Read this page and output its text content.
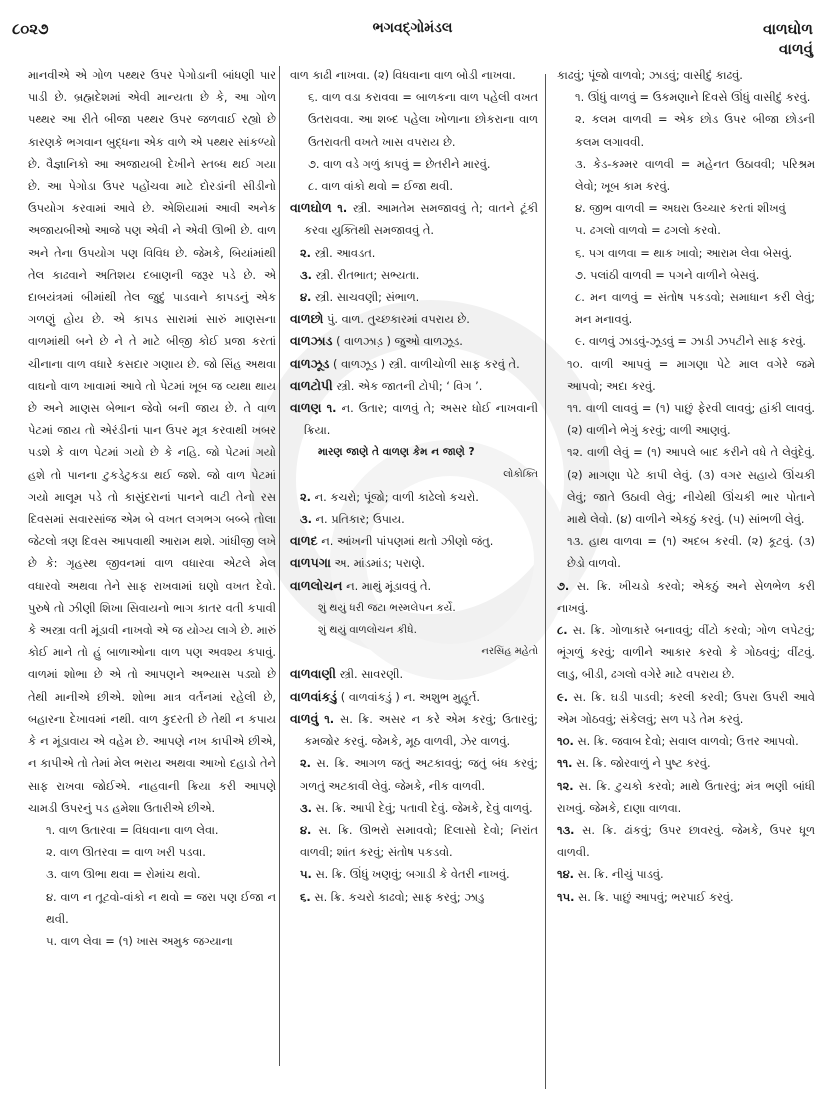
૮૦૨૭	ભગવદ્ગોમંડલ	વાળઘોળ
વાળવું

માનવીએ એ ગોળ પથ્થર ઉપર પેગોડાની બાંધણી પાર પાડી છે. બ્રહ્મદેશમાં એવી માન્યતા છે કે, આ ગોળ પથ્થર આ રીતે બીજા પથ્થર ઉપર જળવાઈ રહ્યો છે કારણકે ભગવાન બુદ્ધના એક વાળે એ પથ્થર સાંકળ્યો છે. વૈજ્ઞાનિકો આ અજાયબી દેખીને સ્તબ્ધ થઈ ગયા છે. આ પેગોડા ઉપર પહોંચવા માટે દોરડાંની સીડીનો ઉપયોગ કરવામાં આવે છે. એશિયામાં આવી અનેક અજાયબીઓ આજે પણ એવી ને એવી ઊભી છે. વાળ અને તેના ઉપયોગ પણ વિવિધ છે. જેમકે, બિયાંમાંથી તેલ કાઢવાને અતિશય દબાણની જરૂર પડે છે. એ દાબયંત્રમાં બીમાંથી તેલ જુદું પાડવાને કાપડનું એક ગળણું હોય છે. એ કાપડ સારામાં સારું માણસના વાળમાંથી બને છે ને તે માટે બીજી કોઈ પ્રજા કરતાં ચીનાના વાળ વધારે કસદાર ગણાય છે. જો સિંહ અથવા વાઘનો વાળ ખાવામાં આવે તો પેટમાં ખૂબ જ વ્યથા થાય છે અને માણસ બેભાન જેવો બની જાય છે. તે વાળ પેટમાં જાય તો એરંડીનાં પાન ઉપર મૂત્ર કરવાથી ખબર પડશે કે વાળ પેટમાં ગયો છે કે નહિ. જો પેટમાં ગયો હશે તો પાનના ટુકડેટુકડા થઈ જશે. જો વાળ પેટમાં ગયો માલૂમ પડે તો કાસુંદરાનાં પાનને વાટી તેનો રસ દિવસમાં સવારસાંજ એમ બે વખત લગભગ બબ્બે તોલા જેટલો ત્રણ દિવસ આપવાથી આરામ થશે. ગાંધીજી લખે છે કે: ગૃહસ્થ જીવનમાં વાળ વધારવા એટલે મેલ વધારવો અથવા તેને સાફ રાખવામાં ઘણો વખત દેવો. પુરુષે તો ઝીણી શિખા સિવાયનો ભાગ કાતર વતી કપાવી કે અસ્ત્રા વતી મૂંડાવી નાખવો એ જ યોગ્ય લાગે છે. મારું કોઈ માને તો હું બાળાઓના વાળ પણ અવશ્ય કપાવું. વાળમાં શોભા છે એ તો આપણને અભ્યાસ પડ્યો છે તેથી માનીએ છીએ. શોભા માત્ર વર્તનમાં રહેલી છે, બહારના દેખાવમાં નથી. વાળ કુદરતી છે તેથી ન કપાય કે ન મૂંડાવાય એ વહેમ છે. આપણે નખ કાપીએ છીએ, ન કાપીએ તો તેમાં મેલ ભરાય અથવા આખો દહાડો તેને સાફ રાખવા જોઈએ. નાહવાની ક્રિયા કરી આપણે ચામડી ઉપરનું પડ હમેશા ઉતારીએ છીએ.

૧. વાળ ઉતારવા = વિધવાના વાળ લેવા.

૨. વાળ ઊતરવા = વાળ ખરી પડવા.

૩. વાળ ઊભા થવા = રોમાંચ થવો.

૪. વાળ ન તૂટવો-વાંકો ન થવો = જરા પણ ઈજા ન થવી.

૫. વાળ લેવા = (૧) ખાસ અમુક જગ્યાના

વાળ કાઢી નાખવા. (૨) વિધવાના વાળ બોડી નાખવા.

૬. વાળ વડા કરાવવા = બાળકના વાળ પહેલી વખત ઉતરાવવા. આ શબ્દ પહેલા ખોળાના છોકરાના વાળ ઉતરાવતી વખતે ખાસ વપરાય છે.

૭. વાળ વડે ગળું કાપવું = છેતરીને મારવું.

૮. વાળ વાંકો થવો = ઈજા થવી.

વાળઘોળ ૧. સ્ત્રી. આમતેમ સમજાવવું તે; વાતને ટૂંકી કરવા યુક્તિથી સમજાવવું તે.

૨. સ્ત્રી. આવડત.

૩. સ્ત્રી. રીતભાત; સભ્યતા.

૪. સ્ત્રી. સાચવણી; સંભાળ.

વાળછો પું. વાળ. તુચ્છકારમાં વપરાય છે.

વાળઝાડ ( વાળઝાડ઼ ) જુઓ વાળઝૂડ.

વાળઝૂડ ( વાળઝૂડ઼ ) સ્ત્રી. વાળીચોળી સાફ કરવું તે.

વાળટોપી સ્ત્રી. એક જાતની ટોપી; ‘ વિગ ’.

વાળણ ૧. ન. ઉતાર; વાળવું તે; અસર ધોઈ નાખવાની ક્રિયા.

મારણ જાણે તે વાળણ કેમ ન જાણે ?

લોકોક્તિ

૨. ન. કચરો; પૂંજો; વાળી કાઢેલો કચરો.

૩. ન. પ્રતિકાર; ઉપાય.

વાળદ ન. આંખની પાંપણમાં થતો ઝીણો જંતુ.

વાળપગા અ. માંડમાંડ; પરાણે.

વાળલોચન ન. માથું મૂંડાવવું તે.

શું થયું ધરી જટા ભસ્મલેપન કર્યે.

શું થયું વાળલોચન કીધે.

નરસિંહ મહેતો

વાળવાણી સ્ત્રી. સાવરણી.

વાળવાંકડું ( વાળવાંકડું ) ન. અશુભ મુહૂર્ત.

વાળવું ૧. સ. ક્રિ. અસર ન કરે એમ કરવું; ઉતારવું; કમજોર કરવું. જેમકે, મૂઠ વાળવી, ઝેર વાળવું.

૨. સ. ક્રિ. આગળ જતું અટકાવવું; જતું બંધ કરવું; ગળતું અટકાવી લેવું. જેમકે, નીક વાળવી.

૩. સ. ક્રિ. આપી દેવું; પતાવી દેવું. જેમકે, દેવું વાળવું.

૪. સ. ક્રિ. ઊભરો સમાવવો; દિલાસો દેવો; નિરાંત વાળવી; શાંત કરવું; સંતોષ પકડવો.

૫. સ. ક્રિ. ઊંધું ખણવું; બગાડી કે વેતરી નાખવું.

૬. સ. ક્રિ. કચરો કાઢવો; સાફ કરવું; ઝાડુ

કાઢવું; પૂંજો વાળવો; ઝાડવું; વાસીદું કાઢવું.

૧. ઊંધું વાળવું = ઉકમણાને દિવસે ઊંધું વાસીદું કરવું.

૨. કલમ વાળવી = એક છોડ ઉપર બીજા છોડની કલમ લગાવવી.

૩. કેડ-કમ્મર વાળવી = મહેનત ઉઠાવવી; પરિશ્રમ લેવો; ખૂબ કામ કરવું.

૪. જીભ વાળવી = અઘરા ઉચ્ચાર કરતાં શીખવું

૫. ઢગલો વાળવો = ઢગલો કરવો.

૬. પગ વાળવા = થાક ખાવો; આરામ લેવા બેસવું.

૭. પલાંઠી વાળવી = પગને વાળીને બેસવું.

૮. મન વાળવું = સંતોષ પકડવો; સમાધાન કરી લેવું; મન મનાવવું.

૯. વાળવું ઝાડવું-ઝૂડવું = ઝાડી ઝપટીને સાફ કરવું.

૧૦. વાળી આપવું = માગણા પેટે માલ વગેરે જમે આપવો; અદા કરવું.

૧૧. વાળી લાવવું = (૧) પાછું ફેરવી લાવવું; હાંકી લાવવું. (૨) વાળીને ભેગું કરવું; વાળી આણવું.

૧૨. વાળી લેવું = (૧) આપલે બાદ કરીને વધે તે લેવુંદેવું. (૨) માગણા પેટે કાપી લેવું. (૩) વગર સહાયે ઊંચકી લેવું; જાતે ઉઠાવી લેવું; નીચેથી ઊંચકી ભાર પોતાને માથે લેવો. (૪) વાળીને એકઠું કરવું. (૫) સાંભળી લેવું.

૧૩. હાથ વાળવા = (૧) અદબ કરવી. (૨) કૂટવું. (૩) છેડો વાળવો.

૭. સ. ક્રિ. ખીચડો કરવો; એકઠું અને સેળભેળ કરી નાખવું.

૮. સ. ક્રિ. ગોળાકારે બનાવવું; વીંટો કરવો; ગોળ લપેટવું; ભૂંગળું કરવું; વાળીને આકાર કરવો કે ગોઠવવું; વીંટવું. લાડુ, બીડી, ઢગલો વગેરે માટે વપરાય છે.

૯. સ. ક્રિ. ઘડી પાડવી; કરલી કરવી; ઉપરા ઉપરી આવે એમ ગોઠવવું; સંકેલવું; સળ પડે તેમ કરવું.

૧૦. સ. ક્રિ. જવાબ દેવો; સવાલ વાળવો; ઉત્તર આપવો.

૧૧. સ. ક્રિ. જોરવાળું ને પુષ્ટ કરવું.

૧૨. સ. ક્રિ. ટુચકો કરવો; માથે ઉતારવું; મંત્ર ભણી બાંધી રાખવું. જેમકે, દાણા વાળવા.

૧૩. સ. ક્રિ. ઢાંકવું; ઉપર છાવરવું. જેમકે, ઉપર ધૂળ વાળવી.

૧૪. સ. ક્રિ. નીચું પાડવું.

૧૫. સ. ક્રિ. પાછું આપવું; ભરપાઈ કરવું.
